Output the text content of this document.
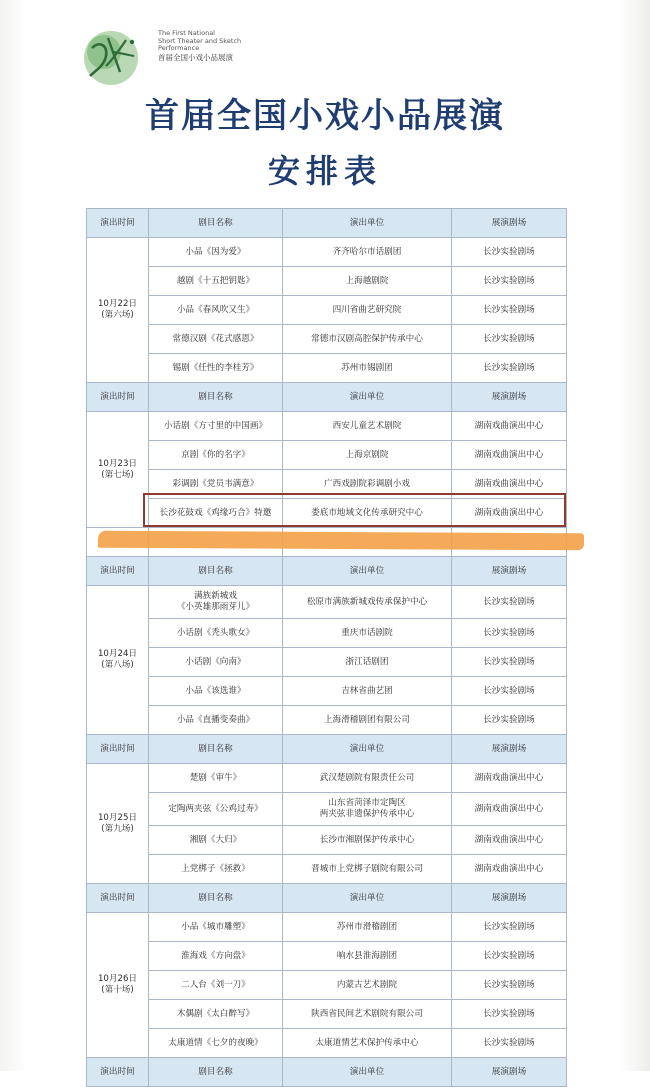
The First National
Short Theater and Sketch
Performance
首届全国小戏小品展演
首届全国小戏小品展演
安排表
演出时间	剧目名称	演出单位	展演剧场

10月22日
(第六场)	小品《因为爱》	齐齐哈尔市话剧团	长沙实验剧场
	越剧《十五把钥匙》	上海越剧院	长沙实验剧场
	小品《春风吹又生》	四川省曲艺研究院	长沙实验剧场
	常德汉剧《花式感恩》	常德市汉剧高腔保护传承中心	长沙实验剧场
	锡剧《任性的李桂芳》	苏州市锡剧团	长沙实验剧场
演出时间	剧目名称	演出单位	展演剧场

10月23日
(第七场)	小话剧《方寸里的中国画》	西安儿童艺术剧院	湖南戏曲演出中心
	京剧《你的名字》	上海京剧院	湖南戏曲演出中心
	彩调剧《党员韦满意》	广西戏剧院彩调剧小戏	湖南戏曲演出中心
	长沙花鼓戏《鸡缘巧合》特邀	娄底市地域文化传承研究中心	湖南戏曲演出中心

演出时间	剧目名称	演出单位	展演剧场

10月24日
(第八场)	满族新城戏
《小英雄那雨芽儿》	松原市满族新城戏传承保护中心	长沙实验剧场
	小话剧《秃头歌女》	重庆市话剧院	长沙实验剧场
	小话剧《向南》	浙江话剧团	长沙实验剧场
	小品《该选谁》	吉林省曲艺团	长沙实验剧场
	小品《直播变奏曲》	上海滑稽剧团有限公司	长沙实验剧场
演出时间	剧目名称	演出单位	展演剧场

10月25日
(第九场)	楚剧《审牛》	武汉楚剧院有限责任公司	湖南戏曲演出中心
	定陶两夹弦《公鸡过寿》	山东省菏泽市定陶区
两夹弦非遗保护传承中心	湖南戏曲演出中心
	湘剧《大归》	长沙市湘剧保护传承中心	湖南戏曲演出中心
	上党梆子《拯救》	晋城市上党梆子剧院有限公司	湖南戏曲演出中心
演出时间	剧目名称	演出单位	展演剧场

10月26日
(第十场)	小品《城市雕塑》	苏州市滑稽剧团	长沙实验剧场
	淮海戏《方向盘》	响水县淮海剧团	长沙实验剧场
	二人台《刘一刀》	内蒙古艺术剧院	长沙实验剧场
	木偶剧《太白醉写》	陕西省民间艺术剧院有限公司	长沙实验剧场
	太康道情《七夕的夜晚》	太康道情艺术保护传承中心	长沙实验剧场
演出时间	剧目名称	演出单位	展演剧场
